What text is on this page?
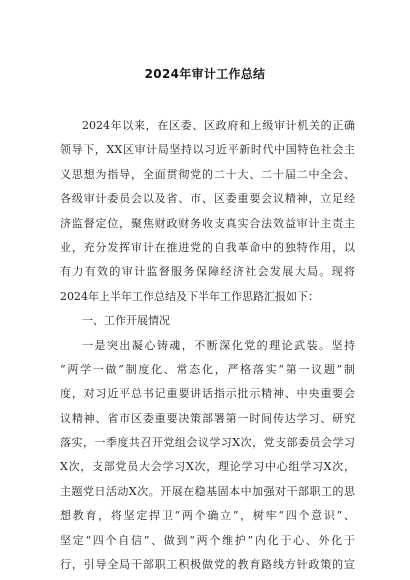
2024年审计工作总结
2024年以来，在区委、区政府和上级审计机关的正确
领导下，XX区审计局坚持以习近平新时代中国特色社会主
义思想为指导，全面贯彻党的二十大、二十届二中全会、
各级审计委员会以及省、市、区委重要会议精神，立足经
济监督定位，聚焦财政财务收支真实合法效益审计主责主
业，充分发挥审计在推进党的自我革命中的独特作用，以
有力有效的审计监督服务保障经济社会发展大局。现将
2024年上半年工作总结及下半年工作思路汇报如下：
一、工作开展情况
一是突出凝心铸魂，不断深化党的理论武装。坚持
“两学一做”制度化、常态化，严格落实“第一议题”制
度，对习近平总书记重要讲话指示批示精神、中央重要会
议精神、省市区委重要决策部署第一时间传达学习、研究
落实，一季度共召开党组会议学习X次，党支部委员会学习
X次，支部党员大会学习X次，理论学习中心组学习X次，
主题党日活动X次。开展在稳基固本中加强对干部职工的思
想教育，将坚定捍卫“两个确立”，树牢“四个意识”、
坚定“四个自信”、做到“两个维护”内化于心、外化于
行，引导全局干部职工积极做党的教育路线方针政策的宣
